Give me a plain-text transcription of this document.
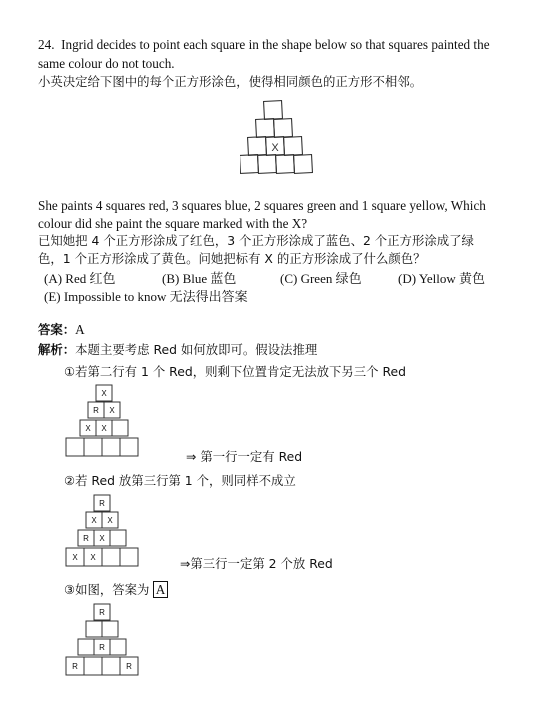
24. Ingrid decides to point each square in the shape below so that squares painted the
same colour do not touch.
小英决定给下图中的每个正方形涂色，使得相同颜色的正方形不相邻。
X
She paints 4 squares red, 3 squares blue, 2 squares green and 1 square yellow, Which
colour did she paint the square marked with the X?
已知她把 4 个正方形涂成了红色，3 个正方形涂成了蓝色、2 个正方形涂成了绿
色，1 个正方形涂成了黄色。问她把标有 X 的正方形涂成了什么颜色？
(A) Red 红色	(B) Blue 蓝色	(C) Green 绿色	(D) Yellow 黄色
(E) Impossible to know 无法得出答案
答案：A
解析：本题主要考虑 Red 如何放即可。假设法推理
①若第二行有 1 个 Red，则剩下位置肯定无法放下另三个 Red
X
R X
X X
⇒ 第一行一定有 Red
②若 Red 放第三行第 1 个，则同样不成立
R
X X
R X
X X	⇒第三行一定第 2 个放 Red
③如图，答案为 A
R
R
R	R
